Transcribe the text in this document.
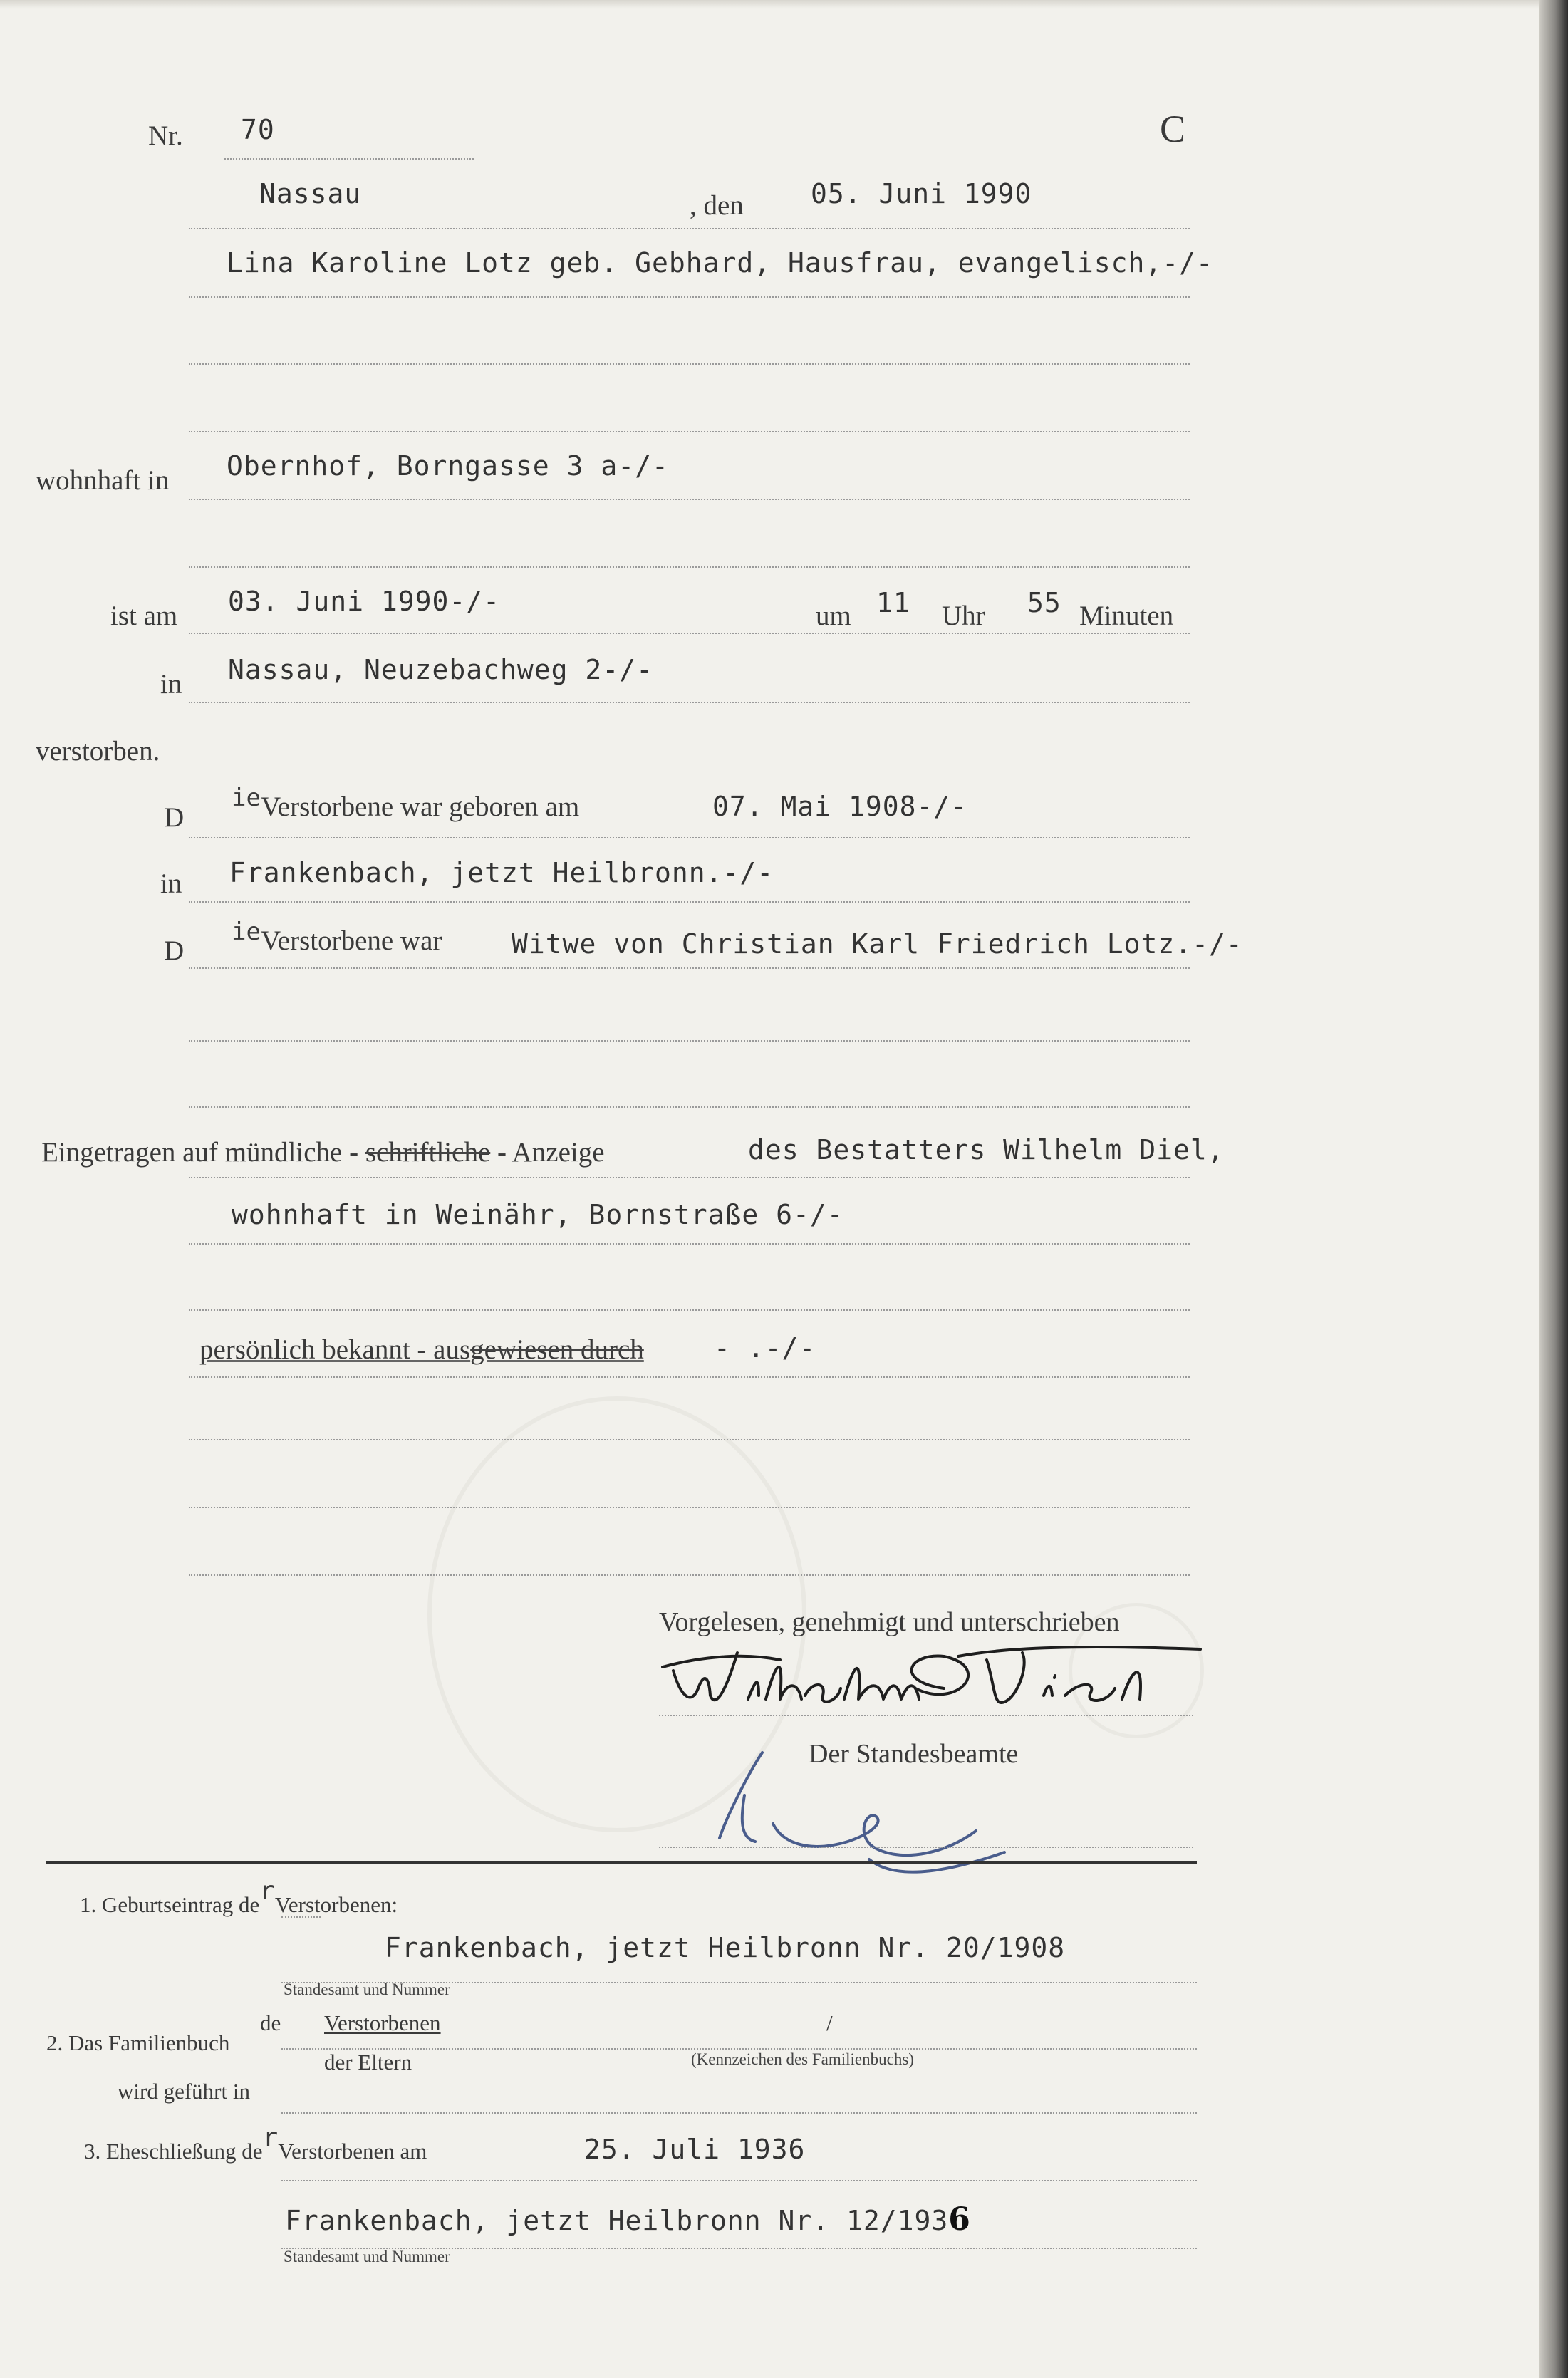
Nr. 70	C
Nassau	, den 05. Juni 1990
Lina Karoline Lotz geb. Gebhard, Hausfrau, evangelisch,-/-
wohnhaft in Obernhof, Borngasse 3 a-/-
ist am 03. Juni 1990-/-	um 11 Uhr 55 Minuten
in Nassau, Neuzebachweg 2-/-
verstorben.
D
ieVerstorbene war geboren am	07. Mai 1908-/-
in Frankenbach, jetzt Heilbronn.-/-
D
ieVerstorbene war	Witwe von Christian Karl Friedrich Lotz.-/-
Eingetragen auf mündliche - schriftliche - Anzeige	des Bestatters Wilhelm Diel,
wohnhaft in Weinähr, Bornstraße 6-/-
persönlich bekannt - ausgewiesen durch	- .-/-
Vorgelesen, genehmigt und unterschrieben
Der Standesbeamte
1. Geburtseintrag derVerstorbenen:
Frankenbach, jetzt Heilbronn Nr. 20/1908
Standesamt und Nummer
2. Das Familienbuch
de Verstorbenen	/
der Eltern	(Kennzeichen des Familienbuchs)
wird geführt in
3. Eheschließung derVerstorbenen am	25. Juli 1936
Frankenbach, jetzt Heilbronn Nr. 12/1936
Standesamt und Nummer
